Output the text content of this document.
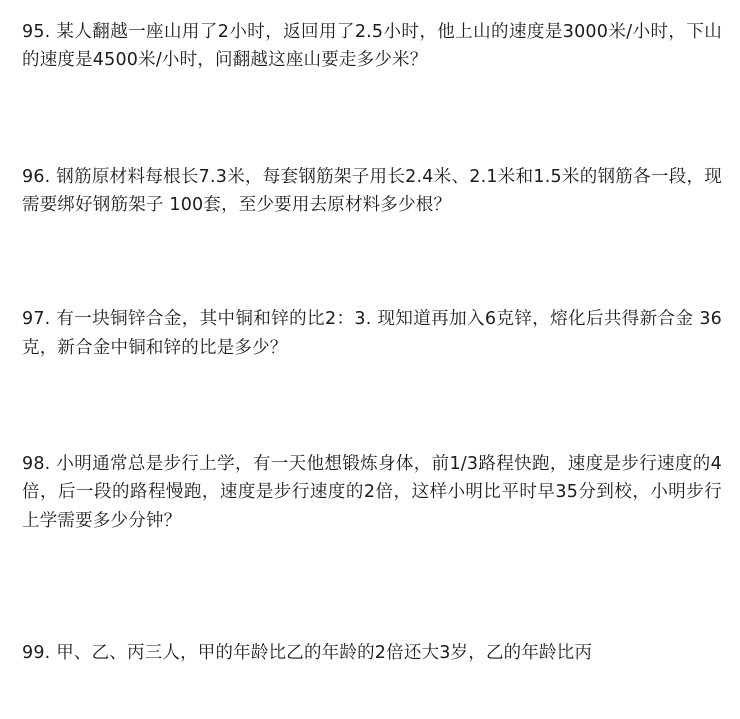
95. 某人翻越一座山用了2小时，返回用了2.5小时，他上山的速度是3000米/小时，下山的速度是4500米/小时，问翻越这座山要走多少米？

96. 钢筋原材料每根长7.3米，每套钢筋架子用长2.4米、2.1米和1.5米的钢筋各一段，现需要绑好钢筋架子 100套，至少要用去原材料多少根？

97. 有一块铜锌合金，其中铜和锌的比2：3. 现知道再加入6克锌，熔化后共得新合金 36克，新合金中铜和锌的比是多少？

98. 小明通常总是步行上学，有一天他想锻炼身体，前1/3路程快跑，速度是步行速度的4倍，后一段的路程慢跑，速度是步行速度的2倍，这样小明比平时早35分到校，小明步行上学需要多少分钟？

99. 甲、乙、丙三人，甲的年龄比乙的年龄的2倍还大3岁，乙的年龄比丙
